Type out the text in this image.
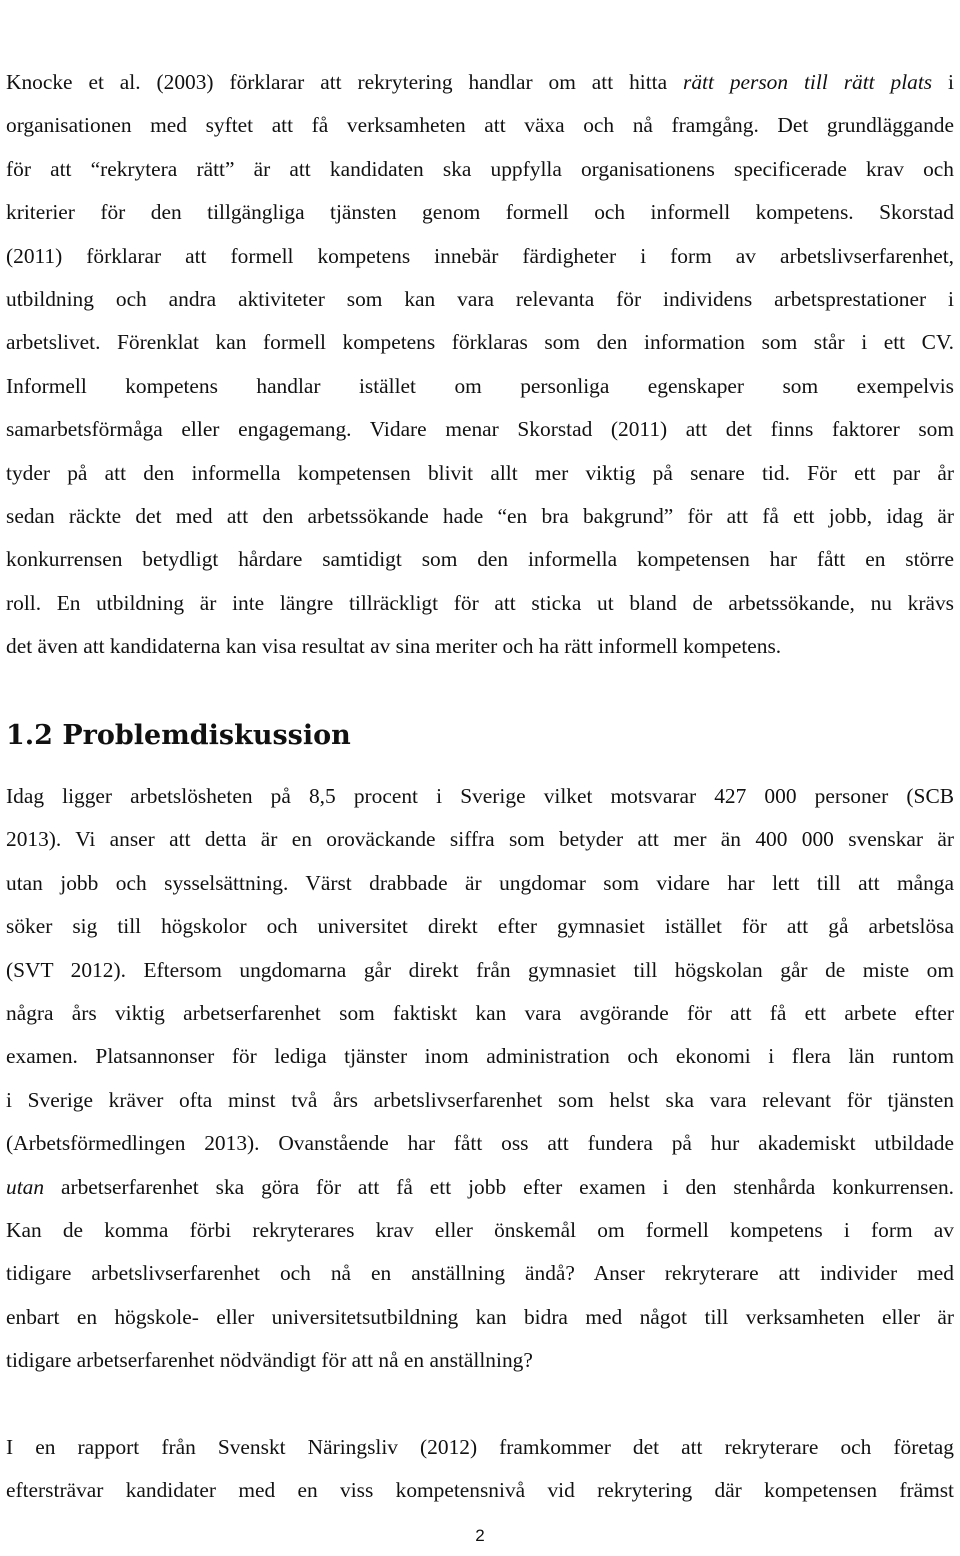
Knocke et al. (2003) förklarar att rekrytering handlar om att hitta rätt person till rätt plats i
organisationen med syftet att få verksamheten att växa och nå framgång. Det grundläggande
för att “rekrytera rätt” är att kandidaten ska uppfylla organisationens specificerade krav och
kriterier för den tillgängliga tjänsten genom formell och informell kompetens. Skorstad
(2011) förklarar att formell kompetens innebär färdigheter i form av arbetslivserfarenhet,
utbildning och andra aktiviteter som kan vara relevanta för individens arbetsprestationer i
arbetslivet. Förenklat kan formell kompetens förklaras som den information som står i ett CV.
Informell kompetens handlar istället om personliga egenskaper som exempelvis
samarbetsförmåga eller engagemang. Vidare menar Skorstad (2011) att det finns faktorer som
tyder på att den informella kompetensen blivit allt mer viktig på senare tid. För ett par år
sedan räckte det med att den arbetssökande hade “en bra bakgrund” för att få ett jobb, idag är
konkurrensen betydligt hårdare samtidigt som den informella kompetensen har fått en större
roll. En utbildning är inte längre tillräckligt för att sticka ut bland de arbetssökande, nu krävs
det även att kandidaterna kan visa resultat av sina meriter och ha rätt informell kompetens.
1.2 Problemdiskussion
Idag ligger arbetslösheten på 8,5 procent i Sverige vilket motsvarar 427 000 personer (SCB
2013). Vi anser att detta är en oroväckande siffra som betyder att mer än 400 000 svenskar är
utan jobb och sysselsättning. Värst drabbade är ungdomar som vidare har lett till att många
söker sig till högskolor och universitet direkt efter gymnasiet istället för att gå arbetslösa
(SVT 2012). Eftersom ungdomarna går direkt från gymnasiet till högskolan går de miste om
några års viktig arbetserfarenhet som faktiskt kan vara avgörande för att få ett arbete efter
examen. Platsannonser för lediga tjänster inom administration och ekonomi i flera län runtom
i Sverige kräver ofta minst två års arbetslivserfarenhet som helst ska vara relevant för tjänsten
(Arbetsförmedlingen 2013). Ovanstående har fått oss att fundera på hur akademiskt utbildade
utan arbetserfarenhet ska göra för att få ett jobb efter examen i den stenhårda konkurrensen.
Kan de komma förbi rekryterares krav eller önskemål om formell kompetens i form av
tidigare arbetslivserfarenhet och nå en anställning ändå? Anser rekryterare att individer med
enbart en högskole- eller universitetsutbildning kan bidra med något till verksamheten eller är
tidigare arbetserfarenhet nödvändigt för att nå en anställning?
I en rapport från Svenskt Näringsliv (2012) framkommer det att rekryterare och företag
eftersträvar kandidater med en viss kompetensnivå vid rekrytering där kompetensen främst
2
